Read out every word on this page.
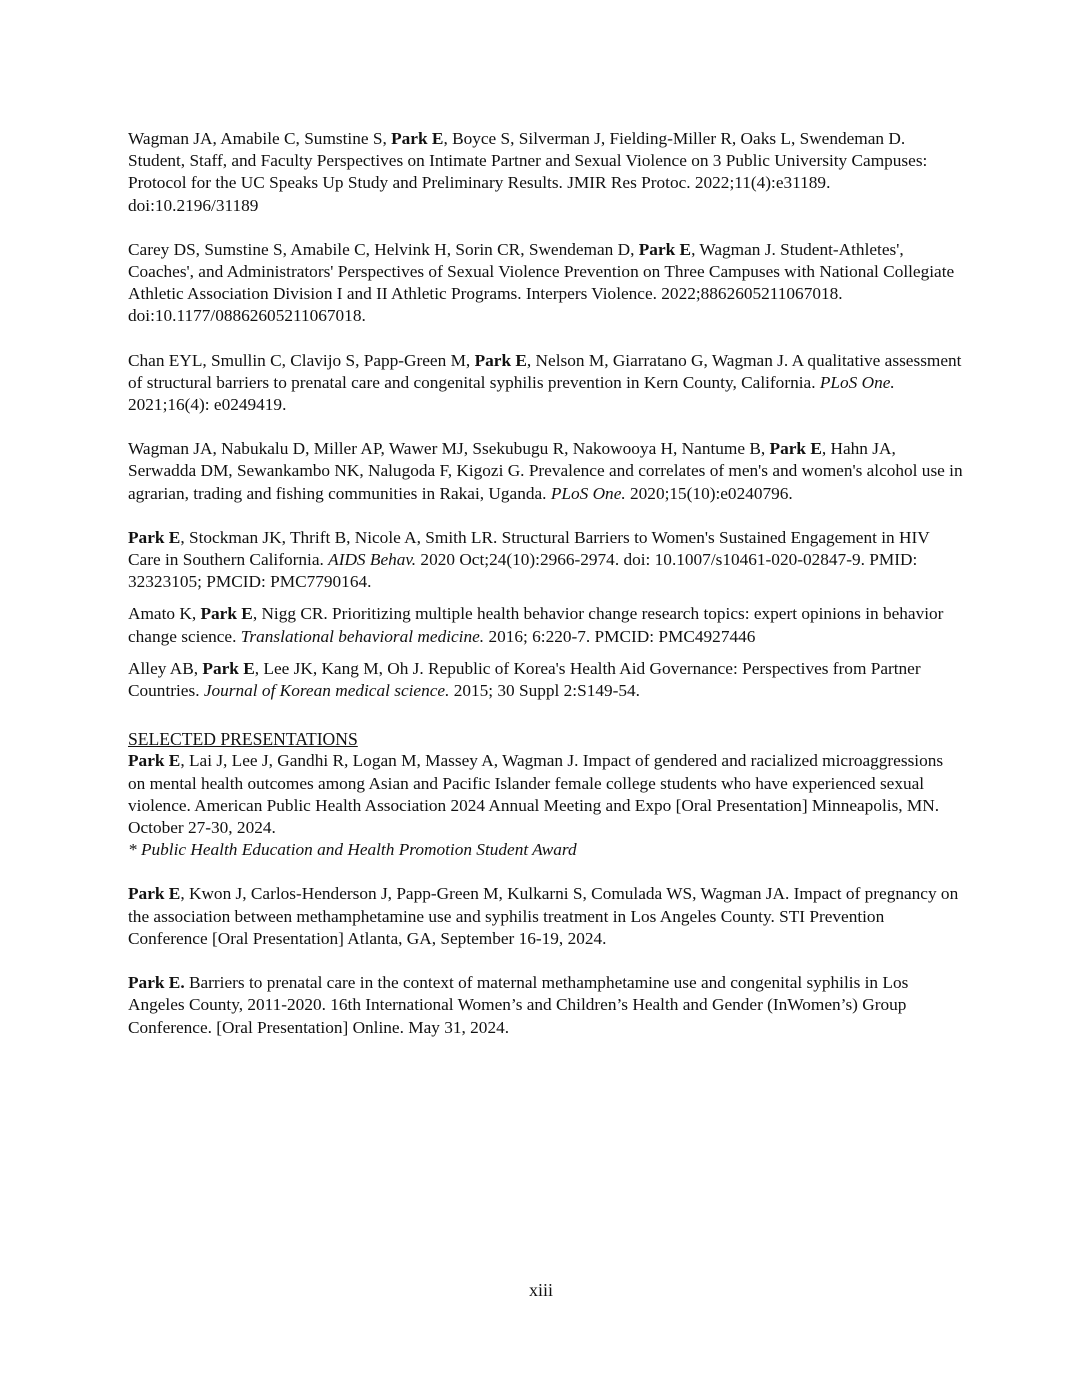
Wagman JA, Amabile C, Sumstine S, Park E, Boyce S, Silverman J, Fielding-Miller R, Oaks L, Swendeman D. Student, Staff, and Faculty Perspectives on Intimate Partner and Sexual Violence on 3 Public University Campuses: Protocol for the UC Speaks Up Study and Preliminary Results. JMIR Res Protoc. 2022;11(4):e31189. doi:10.2196/31189

Carey DS, Sumstine S, Amabile C, Helvink H, Sorin CR, Swendeman D, Park E, Wagman J. Student-Athletes', Coaches', and Administrators' Perspectives of Sexual Violence Prevention on Three Campuses with National Collegiate Athletic Association Division I and II Athletic Programs. Interpers Violence. 2022;8862605211067018. doi:10.1177/08862605211067018.

Chan EYL, Smullin C, Clavijo S, Papp-Green M, Park E, Nelson M, Giarratano G, Wagman J. A qualitative assessment of structural barriers to prenatal care and congenital syphilis prevention in Kern County, California. PLoS One. 2021;16(4): e0249419.

Wagman JA, Nabukalu D, Miller AP, Wawer MJ, Ssekubugu R, Nakowooya H, Nantume B, Park E, Hahn JA, Serwadda DM, Sewankambo NK, Nalugoda F, Kigozi G. Prevalence and correlates of men's and women's alcohol use in agrarian, trading and fishing communities in Rakai, Uganda. PLoS One. 2020;15(10):e0240796.

Park E, Stockman JK, Thrift B, Nicole A, Smith LR. Structural Barriers to Women's Sustained Engagement in HIV Care in Southern California. AIDS Behav. 2020 Oct;24(10):2966-2974. doi: 10.1007/s10461-020-02847-9. PMID: 32323105; PMCID: PMC7790164.

Amato K, Park E, Nigg CR. Prioritizing multiple health behavior change research topics: expert opinions in behavior change science. Translational behavioral medicine. 2016; 6:220-7. PMCID: PMC4927446

Alley AB, Park E, Lee JK, Kang M, Oh J. Republic of Korea's Health Aid Governance: Perspectives from Partner Countries. Journal of Korean medical science. 2015; 30 Suppl 2:S149-54.

SELECTED PRESENTATIONS

Park E, Lai J, Lee J, Gandhi R, Logan M, Massey A, Wagman J. Impact of gendered and racialized microaggressions on mental health outcomes among Asian and Pacific Islander female college students who have experienced sexual violence. American Public Health Association 2024 Annual Meeting and Expo [Oral Presentation] Minneapolis, MN. October 27-30, 2024.
* Public Health Education and Health Promotion Student Award

Park E, Kwon J, Carlos-Henderson J, Papp-Green M, Kulkarni S, Comulada WS, Wagman JA. Impact of pregnancy on the association between methamphetamine use and syphilis treatment in Los Angeles County. STI Prevention Conference [Oral Presentation] Atlanta, GA, September 16-19, 2024.

Park E. Barriers to prenatal care in the context of maternal methamphetamine use and congenital syphilis in Los Angeles County, 2011-2020. 16th International Women’s and Children’s Health and Gender (InWomen’s) Group Conference. [Oral Presentation] Online. May 31, 2024.

xiii
